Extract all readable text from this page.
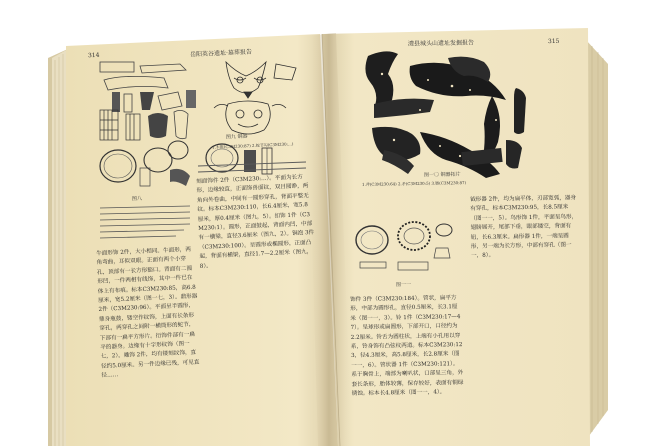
314	岳阳英谷遗址·墓葬报告
澧县城头山遗址发掘报告	315
图九 铜器
1.木锥(C3M230:87) 2.蛇节勾(C3M230:...)
图八
图一〇 铜器拓片
1.斧(C3M230:64) 2.矛(C3M230:5) 3.镞(C3M230:87)
图一一
刻面饰件 2件（C3M230:...）。平面为长方形，边缘较直，正面饰兽面纹，双目圆睁，两角向外卷曲，中间有一圆形穿孔，背面平整无纹。标本C3M230:110，长6.4厘米，宽5.8厘米，厚0.4厘米（图九，5）。扣饰 1件（C3M230:1）。圆形，正面鼓起，背面内凹，中部有一横梁，直径3.6厘米（图九，2）。铜泡 3件（C3M230:100）。呈圆形或椭圆形，正面凸起，背面有横梁，直径1.7—2.2厘米（图九，8）。
牛面形饰 2件，大小相同。牛面形，两角弯曲，耳似双眼。正面有两个小穿孔，顶部有一长方形豁口。背面有二圆形凹，一件两相有线饰，其中一件已在体上有布痕。标本C3M230:85，高6.8厘米，宽5.2厘米（图一七，3）。鼎形器 2件（C3M230:96）。平面呈半圆形，鼎身瓶鼓，镂空作纹饰，上面有长条形穿孔，两穿孔之间附一横筒形的蛇节，下部有一扁平方形片。衍饰件部有一扁平的器身。边缘有十字形纹饰（图一七，2）。雕饰 2件，均有镂刻纹饰，直径约5.0厘米。另一件边缘已残，可见直径……
钺形器 2件，均为扁平体，刃部宽弧，器身有穿孔，标本C3M230:95，长8.5厘米（图一一，5）。鸟形饰 1件，平面呈鸟形，翅膀展开，尾部下垂，眼部镂空，背面有钮，长6.3厘米。扁形器 1件，一端呈圆形，另一端为长方形，中部有穿孔（图一一，8）。
饰件 3件（C3M230:184）。管状，扁平方形，中部为圆形孔，直径0.5厘米，长3.1厘米（图一一，3）。铃 1件（C3M230:17—47）。呈球形或扁圆形，下部开口，口径约为2.2厘米。铃舌为圆柱状，上端有小孔用以穿系，铃身饰有凸弦纹两道。标本C3M230:123，径4.3厘米，高5.8厘米，长2.8厘米（图一一，6）。管状器 1件（C3M230:121）。系于胸骨上，端部为喇叭状，口部呈三角，外套长条形，胎体较薄，保存较好，表面有铜绿锈蚀。标本长4.8厘米（图一一，4）。
